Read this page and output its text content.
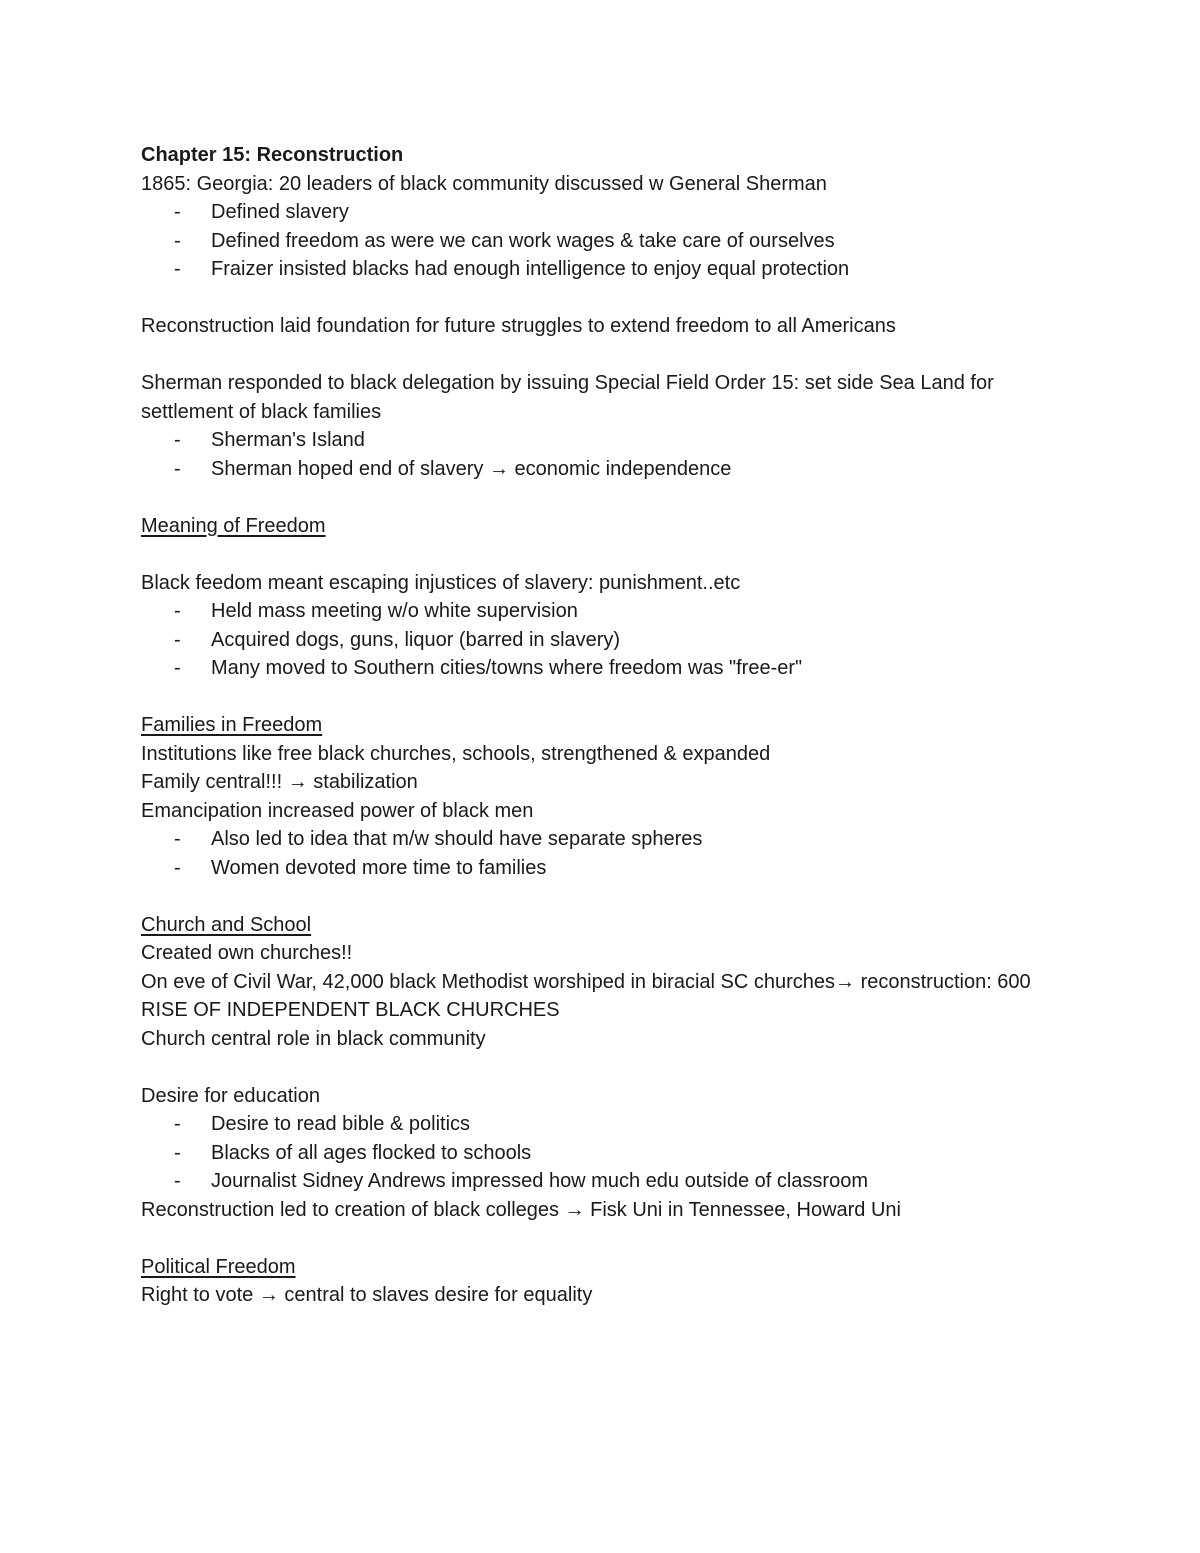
Chapter 15: Reconstruction
1865: Georgia: 20 leaders of black community discussed w General Sherman
- Defined slavery
- Defined freedom as were we can work wages & take care of ourselves
- Fraizer insisted blacks had enough intelligence to enjoy equal protection
Reconstruction laid foundation for future struggles to extend freedom to all Americans
Sherman responded to black delegation by issuing Special Field Order 15: set side Sea Land for settlement of black families
- Sherman's Island
- Sherman hoped end of slavery → economic independence
Meaning of Freedom
Black feedom meant escaping injustices of slavery: punishment..etc
- Held mass meeting w/o white supervision
- Acquired dogs, guns, liquor (barred in slavery)
- Many moved to Southern cities/towns where freedom was "free-er"
Families in Freedom
Institutions like free black churches, schools, strengthened & expanded
Family central!!! → stabilization
Emancipation increased power of black men
- Also led to idea that m/w should have separate spheres
- Women devoted more time to families
Church and School
Created own churches!!
On eve of Civil War, 42,000 black Methodist worshiped in biracial SC churches→ reconstruction: 600
RISE OF INDEPENDENT BLACK CHURCHES
Church central role in black community
Desire for education
- Desire to read bible & politics
- Blacks of all ages flocked to schools
- Journalist Sidney Andrews impressed how much edu outside of classroom
Reconstruction led to creation of black colleges → Fisk Uni in Tennessee, Howard Uni
Political Freedom
Right to vote → central to slaves desire for equality
